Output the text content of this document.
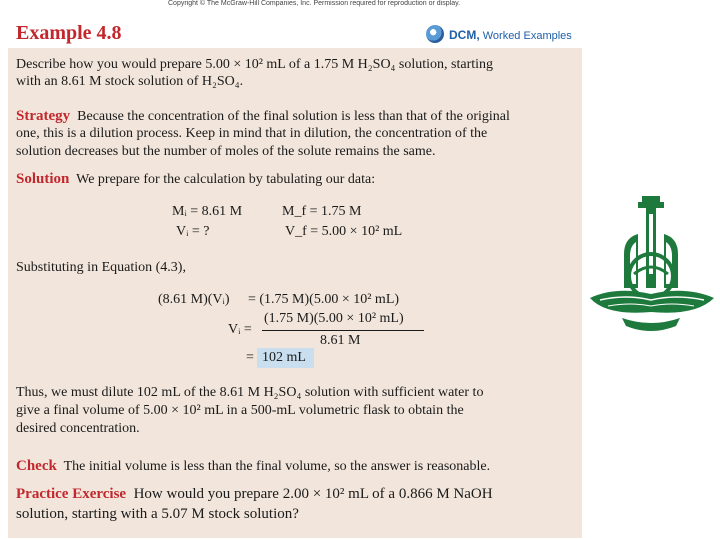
Copyright © The McGraw-Hill Companies, Inc. Permission required for reproduction or display.
Example 4.8	DCM, Worked Examples
Describe how you would prepare 5.00 × 10² mL of a 1.75 M H₂SO₄ solution, starting
with an 8.61 M stock solution of H₂SO₄.
Strategy Because the concentration of the final solution is less than that of the original
one, this is a dilution process. Keep in mind that in dilution, the concentration of the
solution decreases but the number of moles of the solute remains the same.
Solution We prepare for the calculation by tabulating our data:
Mᵢ = 8.61 M	M_f = 1.75 M
Vᵢ = ?	V_f = 5.00 × 10² mL
Substituting in Equation (4.3),
(8.61 M)(Vᵢ) = (1.75 M)(5.00 × 10² mL)
Vᵢ =
(1.75 M)(5.00 × 10² mL)
8.61 M
= 102 mL
Thus, we must dilute 102 mL of the 8.61 M H₂SO₄ solution with sufficient water to
give a final volume of 5.00 × 10² mL in a 500-mL volumetric flask to obtain the
desired concentration.
Check The initial volume is less than the final volume, so the answer is reasonable.
Practice Exercise How would you prepare 2.00 × 10² mL of a 0.866 M NaOH
solution, starting with a 5.07 M stock solution?
